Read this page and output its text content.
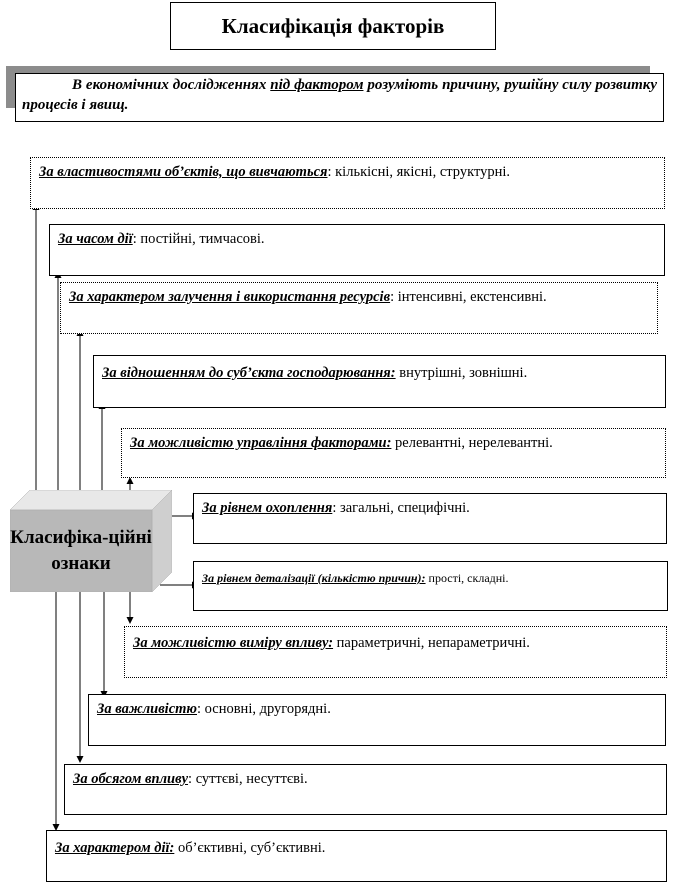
Класифікація факторів
В економічних дослідженнях під фактором розуміють причину, рушійну силу розвитку процесів і явищ.
За властивостями об’єктів, що вивчаються: кількісні, якісні, структурні.
За часом дії: постійні, тимчасові.
За характером залучення і використання ресурсів: інтенсивні, екстенсивні.
За відношенням до суб’єкта господарювання: внутрішні, зовнішні.
За можливістю управління факторами: релевантні, нерелевантні.
За рівнем охоплення: загальні, специфічні.
За рівнем деталізації (кількістю причин): прості, складні.
За можливістю виміру впливу: параметричні, непараметричні.
За важливістю: основні, другорядні.
За обсягом впливу: суттєві, несуттєві.
За характером дії: об’єктивні, суб’єктивні.
Класифіка-ційні ознаки
